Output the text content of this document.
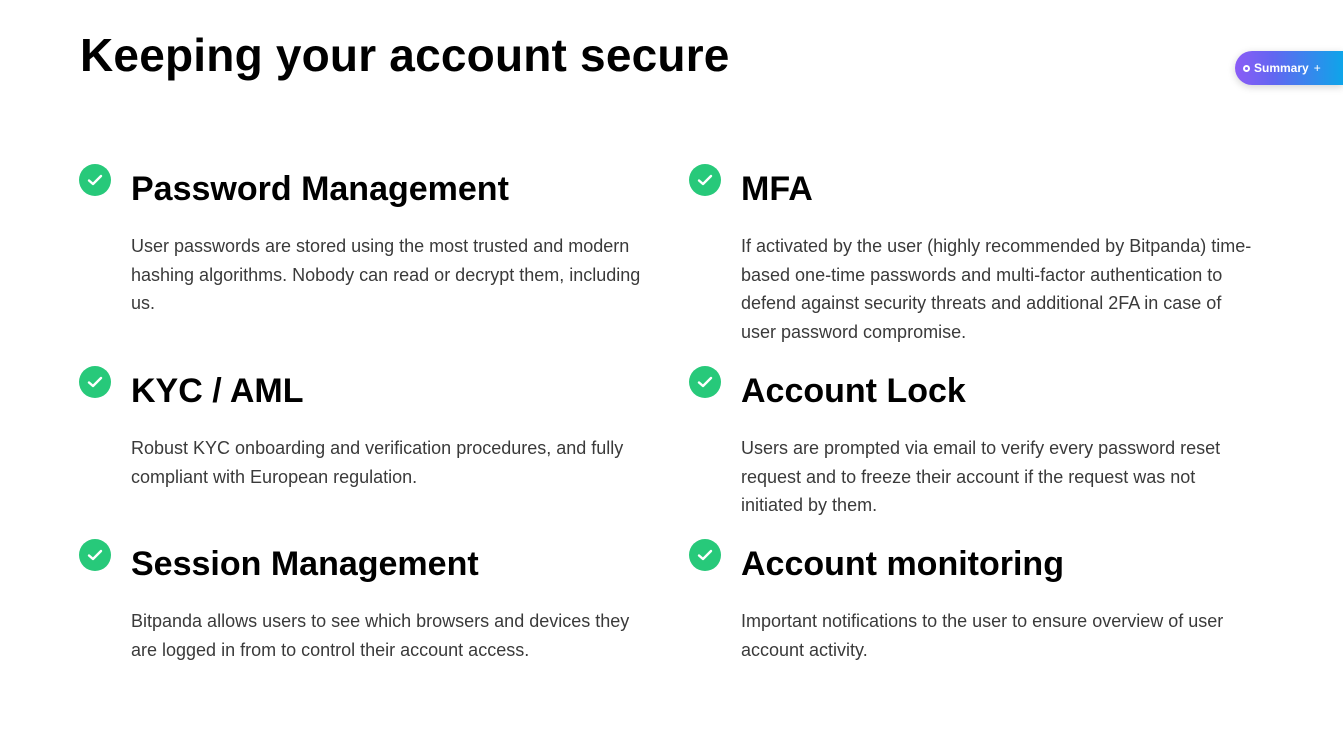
Keeping your account secure	Summary +
Password Management

User passwords are stored using the most trusted and modern hashing algorithms. Nobody can read or decrypt them, including us.

MFA

If activated by the user (highly recommended by Bitpanda) time-based one-time passwords and multi-factor authentication to defend against security threats and additional 2FA in case of user password compromise.

KYC / AML

Robust KYC onboarding and verification procedures, and fully compliant with European regulation.

Account Lock

Users are prompted via email to verify every password reset request and to freeze their account if the request was not initiated by them.

Session Management

Bitpanda allows users to see which browsers and devices they are logged in from to control their account access.

Account monitoring

Important notifications to the user to ensure overview of user account activity.
